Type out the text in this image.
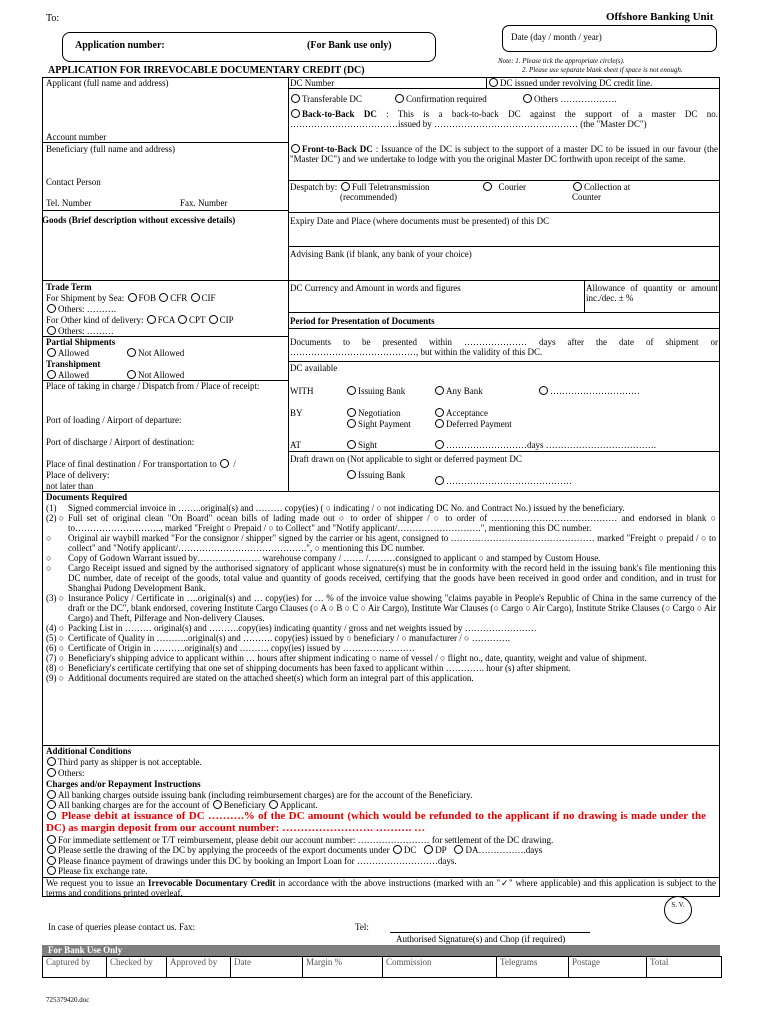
To:	Offshore Banking Unit
Application number:	(For Bank use only)
Date (day / month / year)
Note: 1. Please tick the appropriate circle(s).
2. Please use separate blank sheet if space is not enough.
APPLICATION FOR IRREVOCABLE DOCUMENTARY CREDIT (DC)
Applicant (full name and address)
Account number
Beneficiary (full name and address)
Contact Person
Tel. Number	Fax. Number
Goods (Brief description without excessive details)
Trade Term
For Shipment by Sea: FOB CFR CIF
Others: ……….
For Other kind of delivery: FCA CPT CIP
Others: ………
Partial Shipments
Allowed	Not Allowed
Transhipment
Allowed	Not Allowed
Place of taking in charge / Dispatch from / Place of receipt:
Port of loading / Airport of departure:
Port of discharge / Airport of destination:
Place of final destination / For transportation to  /
Place of delivery:
not later than
DC Number	DC issued under revolving DC credit line.
Transferable DC	Confirmation required	Others ……………….
Back-to-Back DC : This is a back-to-back DC against the support of a master DC no. ………………………………issued by ………………………………………… (the "Master DC")
Front-to-Back DC : Issuance of the DC is subject to the support of a master DC to be issued in our favour (the "Master DC") and we undertake to lodge with you the original Master DC forthwith upon receipt of the same.
Despatch by:	Full Teletransmission (recommended)
Courier	Collection at Counter
Expiry Date and Place (where documents must be presented) of this DC
Advising Bank (if blank, any bank of your choice)
DC Currency and Amount in words and figures	Allowance of quantity or amount inc./dec. ± %
Period for Presentation of Documents
Documents to be presented within ………………… days after the date of shipment or ……………………………………, but within the validity of this DC.
DC available
WITH	Issuing Bank	Any Bank	…………………………
BY	Negotiation	Acceptance
Sight Payment	Deferred Payment
AT	Sight	………………………days ……………………………….
Draft drawn on (Not applicable to sight or deferred payment DC
Issuing Bank
……………………………………
Documents Required
(1)	Signed commercial invoice in ……..original(s) and ……… copy(ies) ( ○ indicating / ○ not indicating DC No. and Contract No.) issued by the beneficiary.
(2) ○ Full set of original clean "On Board" ocean bills of lading made out ○ to order of shipper / ○ to order of …………………………………… and endorsed in blank ○ to……………………….., marked "Freight ○ Prepaid / ○ to Collect" and "Notify applicant/……………………….", mentioning this DC number.
○	Original air waybill marked "For the consignor / shipper" signed by the carrier or his agent, consigned to ………………………………………… marked "Freight ○ prepaid / ○ to collect" and "Notify applicant/…………………………………….", ○ mentioning this DC number.
○	Copy of Godown Warrant issued by………………… warehouse company / ……. /………consigned to applicant ○ and stamped by Custom House.
○	Cargo Receipt issued and signed by the authorised signatory of applicant whose signature(s) must be in conformity with the record held in the issuing bank's file mentioning this DC number, date of receipt of the goods, total value and quantity of goods received, certifying that the goods have been received in good order and condition, and in trust for Shanghai Pudong Development Bank.
(3) ○ Insurance Policy / Certificate in ….original(s) and … copy(ies) for … % of the invoice value showing "claims payable in People's Republic of China in the same currency of the draft or the DC", blank endorsed, covering Institute Cargo Clauses (○ A ○ B ○ C ○ Air Cargo), Institute War Clauses (○ Cargo ○ Air Cargo), Institute Strike Clauses (○ Cargo ○ Air Cargo) and Theft, Pilferage and Non-delivery Clauses.
(4) ○ Packing List in ……… original(s) and ……….copy(ies) indicating quantity / gross and net weights issued by ……………………
(5) ○ Certificate of Quality in ………..original(s) and ………. copy(ies) issued by ○ beneficiary / ○ manufacturer / ○ ………….
(6) ○ Certificate of Origin in ………..original(s) and ………. copy(ies) issued by ……………………
(7) ○ Beneficiary's shipping advice to applicant within … hours after shipment indicating ○ name of vessel / ○ flight no., date, quantity, weight and value of shipment.
(8) ○ Beneficiary's certificate certifying that one set of shipping documents has been faxed to applicant within …………. hour (s) after shipment.
(9) ○ Additional documents required are stated on the attached sheet(s) which form an integral part of this application.
Additional Conditions
Third party as shipper is not acceptable.
Others:
Charges and/or Repayment Instructions
All banking charges outside issuing bank (including reimbursement charges) are for the account of the Beneficiary.
All banking charges are for the account of Beneficiary Applicant.
Please debit at issuance of DC ……….% of the DC amount (which would be refunded to the applicant if no drawing is made under the DC) as margin deposit from our account number: ……………………. ………. …
For immediate settlement or T/T reimbursement, please debit our account number: …………………… for settlement of the DC drawing.
Please settle the drawing of the DC by applying the proceeds of the export documents under DC DP DA…………….days
Please finance payment of drawings under this DC by booking an Import Loan for ………………………days.
Please fix exchange rate.
We request you to issue an Irrevocable Documentary Credit in accordance with the above instructions (marked with an "✓" where applicable) and this application is subject to the terms and conditions printed overleaf.
In case of queries please contact us. Fax:	Tel:
S. V.
Authorised Signature(s) and Chop (if required)
For Bank Use Only
Captured by	Checked by	Approved by	Date	Margin %	Commission	Telegrams	Postage	Total
725379420.doc
